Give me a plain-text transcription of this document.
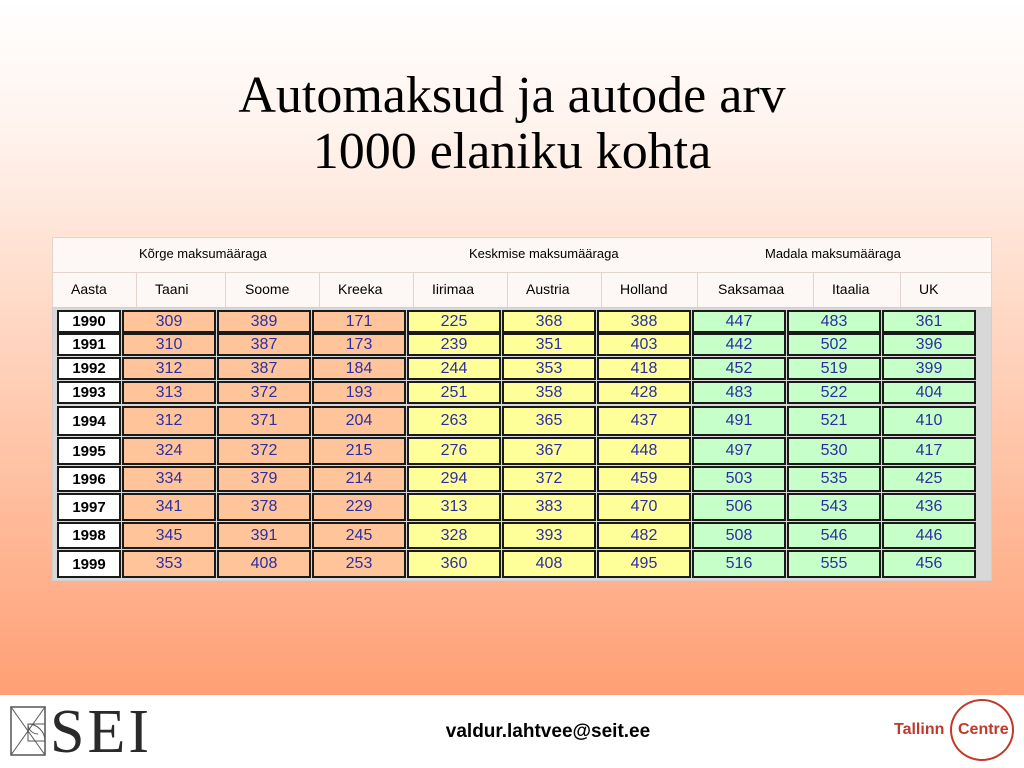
Automaksud ja autode arv
1000 elaniku kohta
Kõrge maksumääraga	Keskmise maksumääraga	Madala maksumääraga
Aasta	Taani	Soome	Kreeka	Iirimaa	Austria	Holland	Saksamaa	Itaalia	UK
1990	309	389	171	225	368	388	447	483	361
1991	310	387	173	239	351	403	442	502	396
1992	312	387	184	244	353	418	452	519	399
1993	313	372	193	251	358	428	483	522	404
1994	312	371	204	263	365	437	491	521	410
1995	324	372	215	276	367	448	497	530	417
1996	334	379	214	294	372	459	503	535	425
1997	341	378	229	313	383	470	506	543	436
1998	345	391	245	328	393	482	508	546	446
1999	353	408	253	360	408	495	516	555	456
SEI	valdur.lahtvee@seit.ee	Tallinn Centre
